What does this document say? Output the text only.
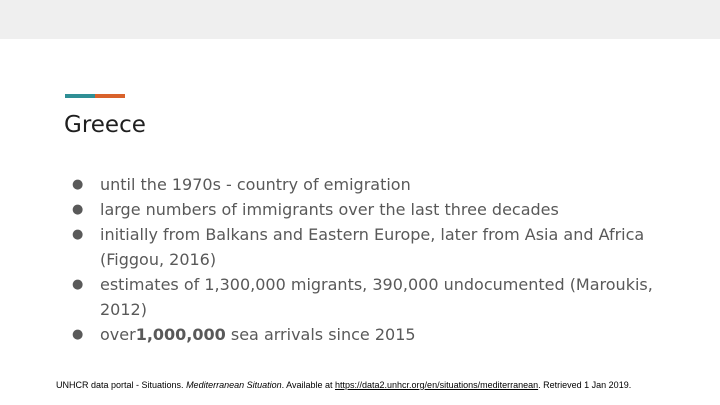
Greece
● until the 1970s - country of emigration
● large numbers of immigrants over the last three decades
● initially from Balkans and Eastern Europe, later from Asia and Africa (Figgou, 2016)
● estimates of 1,300,000 migrants, 390,000 undocumented (Maroukis, 2012)
● over1,000,000 sea arrivals since 2015

UNHCR data portal - Situations. Mediterranean Situation. Available at https://data2.unhcr.org/en/situations/mediterranean. Retrieved 1 Jan 2019.
